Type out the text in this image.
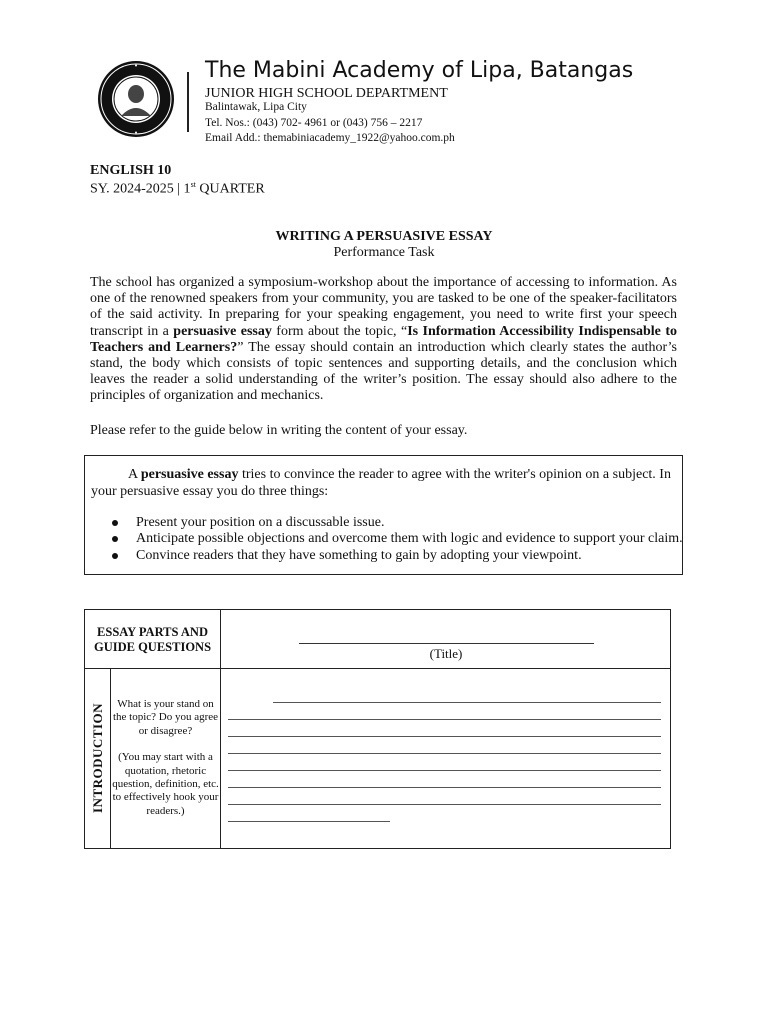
The Mabini Academy of Lipa, Batangas
JUNIOR HIGH SCHOOL DEPARTMENT
Balintawak, Lipa City
Tel. Nos.: (043) 702- 4961 or (043) 756 – 2217
Email Add.: themabiniacademy_1922@yahoo.com.ph
ENGLISH 10
SY. 2024-2025 | 1st QUARTER
WRITING A PERSUASIVE ESSAY
Performance Task
The school has organized a symposium-workshop about the importance of accessing to information. As one of the renowned speakers from your community, you are tasked to be one of the speaker-facilitators of the said activity. In preparing for your speaking engagement, you need to write first your speech transcript in a persuasive essay form about the topic, “Is Information Accessibility Indispensable to Teachers and Learners?” The essay should contain an introduction which clearly states the author’s stand, the body which consists of topic sentences and supporting details, and the conclusion which leaves the reader a solid understanding of the writer’s position. The essay should also adhere to the principles of organization and mechanics.
Please refer to the guide below in writing the content of your essay.
A persuasive essay tries to convince the reader to agree with the writer's opinion on a subject. In your persuasive essay you do three things:
Present your position on a discussable issue.
Anticipate possible objections and overcome them with logic and evidence to support your claim.
Convince readers that they have something to gain by adopting your viewpoint.
ESSAY PARTS AND GUIDE QUESTIONS	(Title)
INTRODUCTION	What is your stand on the topic? Do you agree or disagree?
(You may start with a quotation, rhetoric question, definition, etc. to effectively hook your readers.)
